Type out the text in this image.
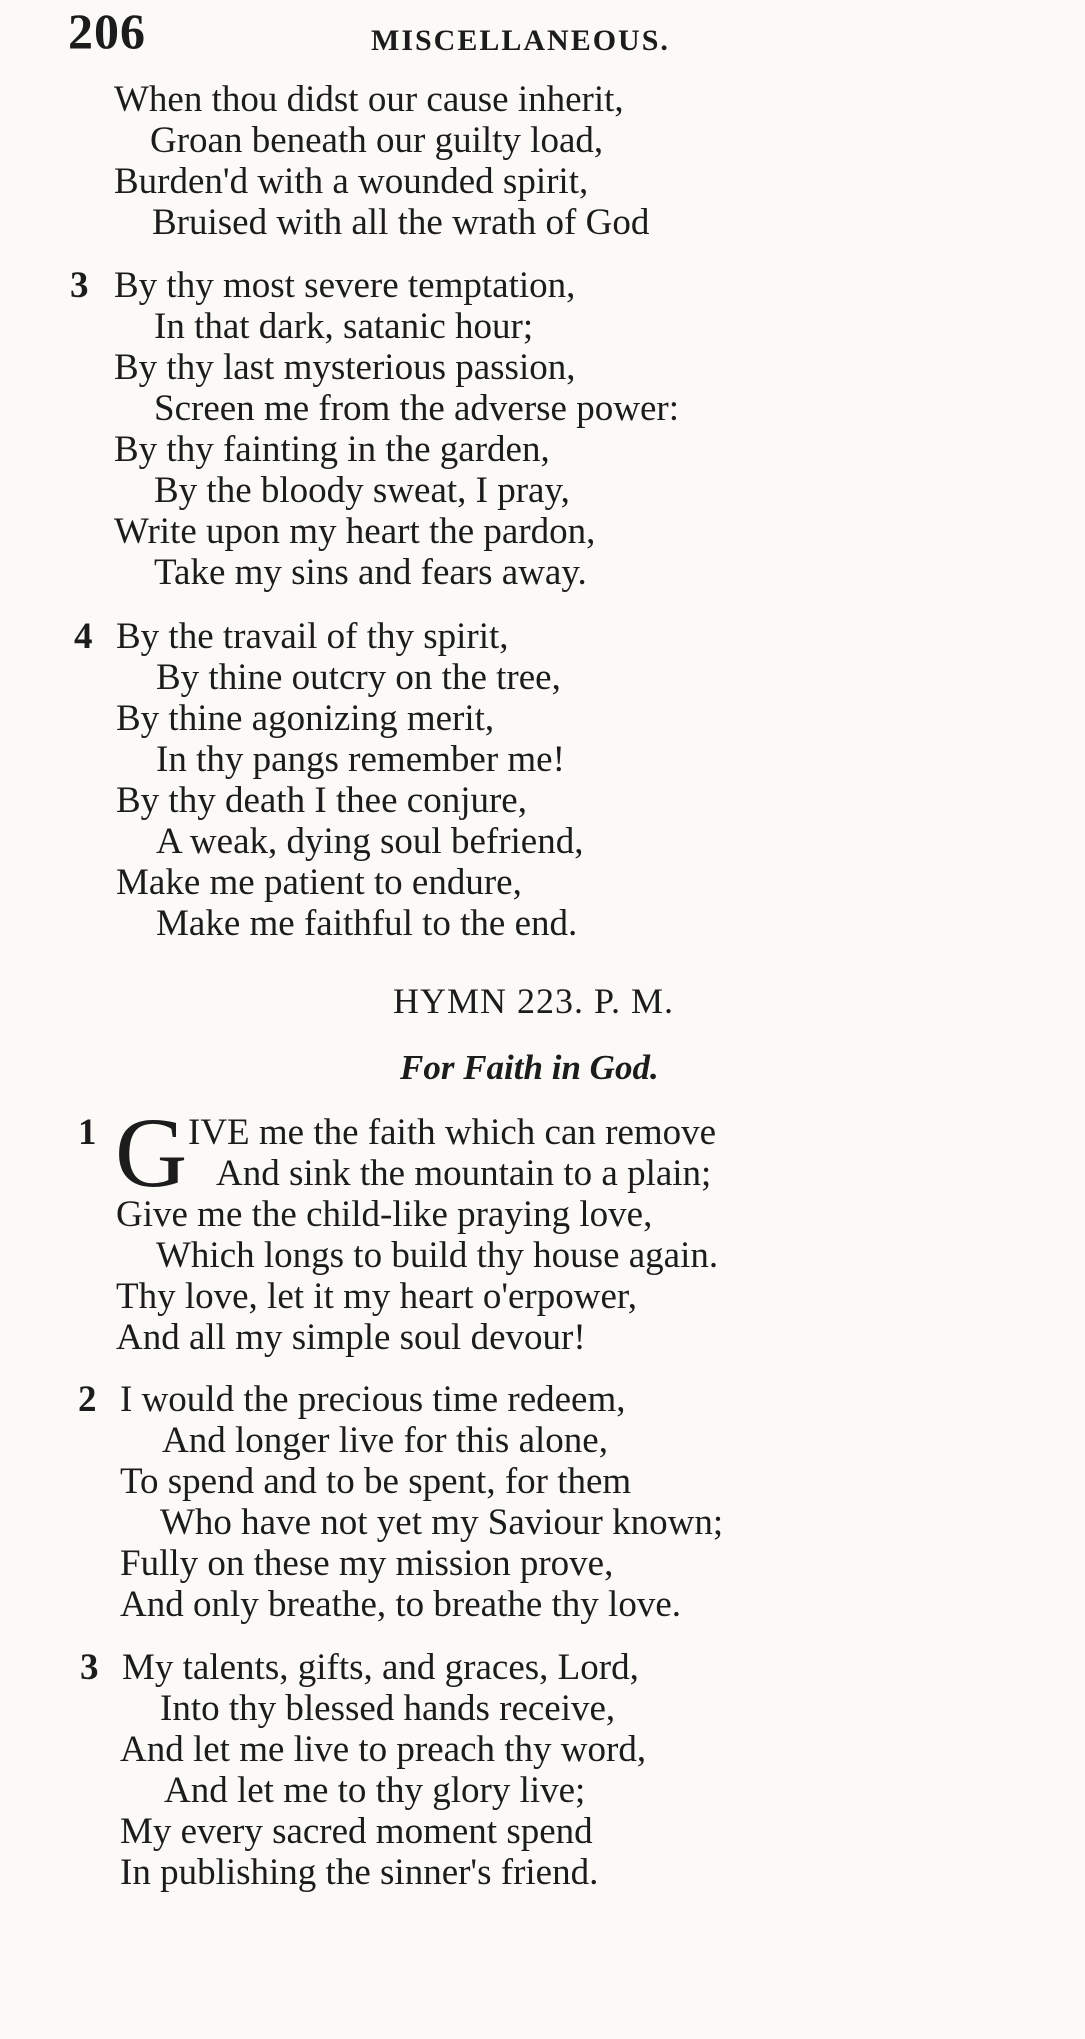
206	MISCELLANEOUS.
When thou didst our cause inherit,
Groan beneath our guilty load,
Burden'd with a wounded spirit,
Bruised with all the wrath of God
3 By thy most severe temptation,
In that dark, satanic hour;
By thy last mysterious passion,
Screen me from the adverse power:
By thy fainting in the garden,
By the bloody sweat, I pray,
Write upon my heart the pardon,
Take my sins and fears away.
4 By the travail of thy spirit,
By thine outcry on the tree,
By thine agonizing merit,
In thy pangs remember me!
By thy death I thee conjure,
A weak, dying soul befriend,
Make me patient to endure,
Make me faithful to the end.
HYMN 223. P. M.
For Faith in God.
1 G IVE me the faith which can remove
And sink the mountain to a plain;
Give me the child-like praying love,
Which longs to build thy house again.
Thy love, let it my heart o'erpower,
And all my simple soul devour!
2 I would the precious time redeem,
And longer live for this alone,
To spend and to be spent, for them
Who have not yet my Saviour known;
Fully on these my mission prove,
And only breathe, to breathe thy love.
3 My talents, gifts, and graces, Lord,
Into thy blessed hands receive,
And let me live to preach thy word,
And let me to thy glory live;
My every sacred moment spend
In publishing the sinner's friend.
